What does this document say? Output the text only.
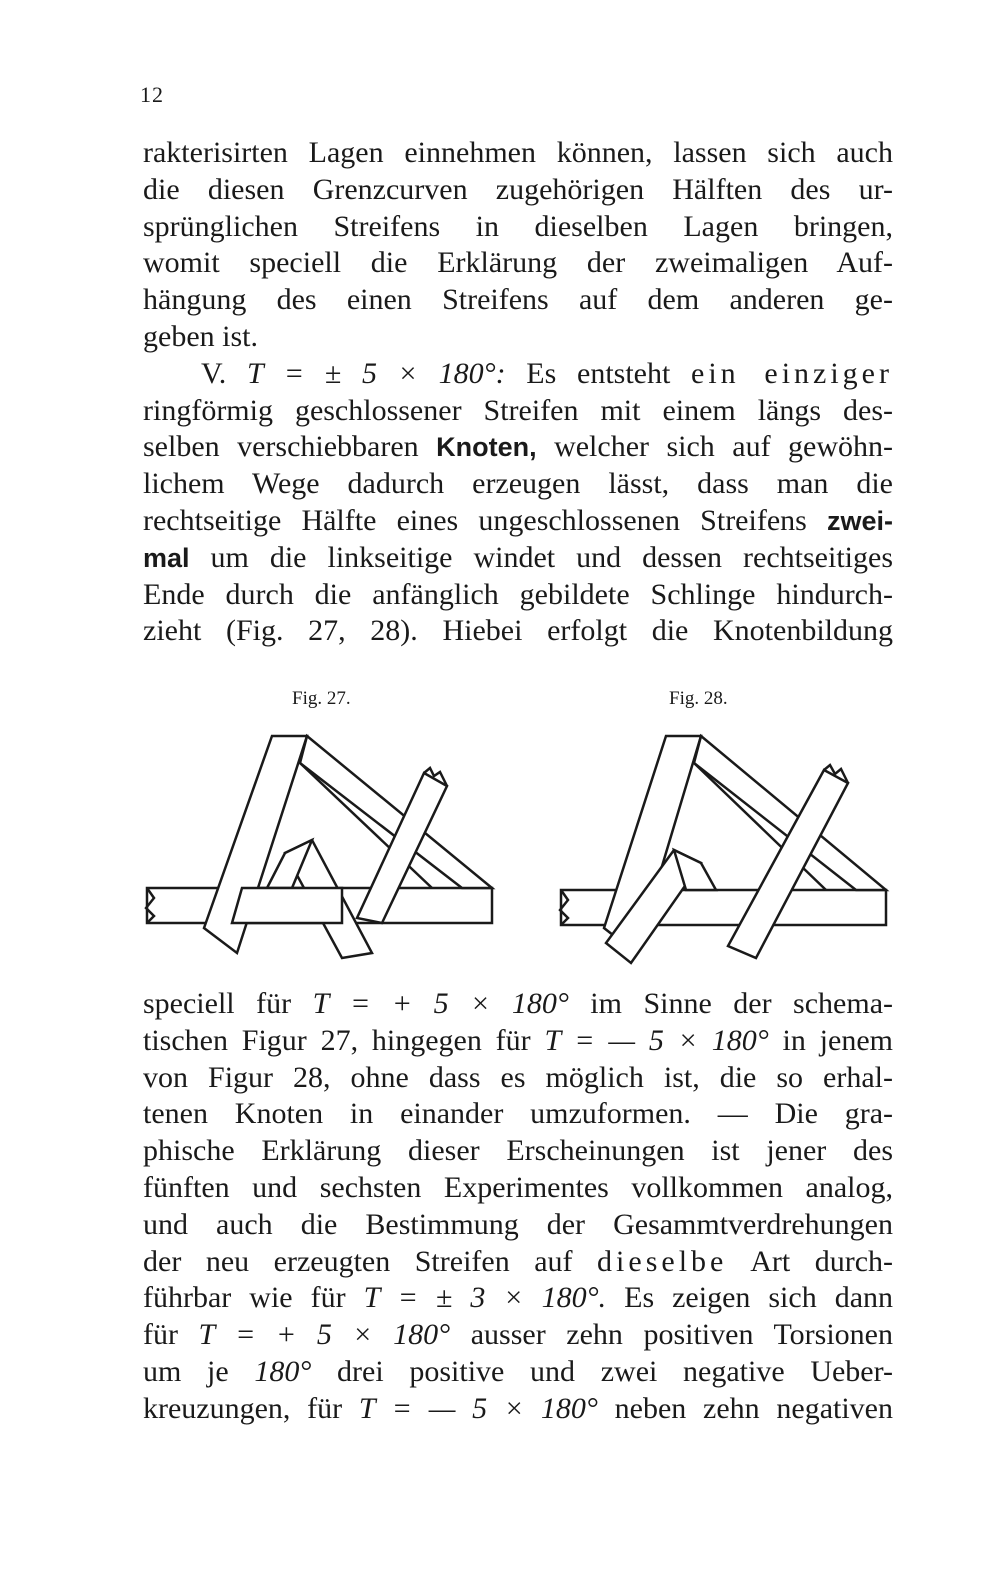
12

rakterisirten Lagen einnehmen können, lassen sich auch
die diesen Grenzcurven zugehörigen Hälften des ur-
sprünglichen Streifens in dieselben Lagen bringen,
womit speciell die Erklärung der zweimaligen Auf-
hängung des einen Streifens auf dem anderen ge-
geben ist.

V. T = ± 5 × 180°: Es entsteht ein einziger
ringförmig geschlossener Streifen mit einem längs des-
selben verschiebbaren Knoten, welcher sich auf gewöhn-
lichem Wege dadurch erzeugen lässt, dass man die
rechtseitige Hälfte eines ungeschlossenen Streifens zwei-
mal um die linkseitige windet und dessen rechtseitiges
Ende durch die anfänglich gebildete Schlinge hindurch-
zieht (Fig. 27, 28). Hiebei erfolgt die Knotenbildung

Fig. 27.	Fig. 28.

speciell für T = + 5 × 180° im Sinne der schema-
tischen Figur 27, hingegen für T = — 5 × 180° in jenem
von Figur 28, ohne dass es möglich ist, die so erhal-
tenen Knoten in einander umzuformen. — Die gra-
phische Erklärung dieser Erscheinungen ist jener des
fünften und sechsten Experimentes vollkommen analog,
und auch die Bestimmung der Gesammtverdrehungen
der neu erzeugten Streifen auf dieselbe Art durch-
führbar wie für T = ± 3 × 180°. Es zeigen sich dann
für T = + 5 × 180° ausser zehn positiven Torsionen
um je 180° drei positive und zwei negative Ueber-
kreuzungen, für T = — 5 × 180° neben zehn negativen
